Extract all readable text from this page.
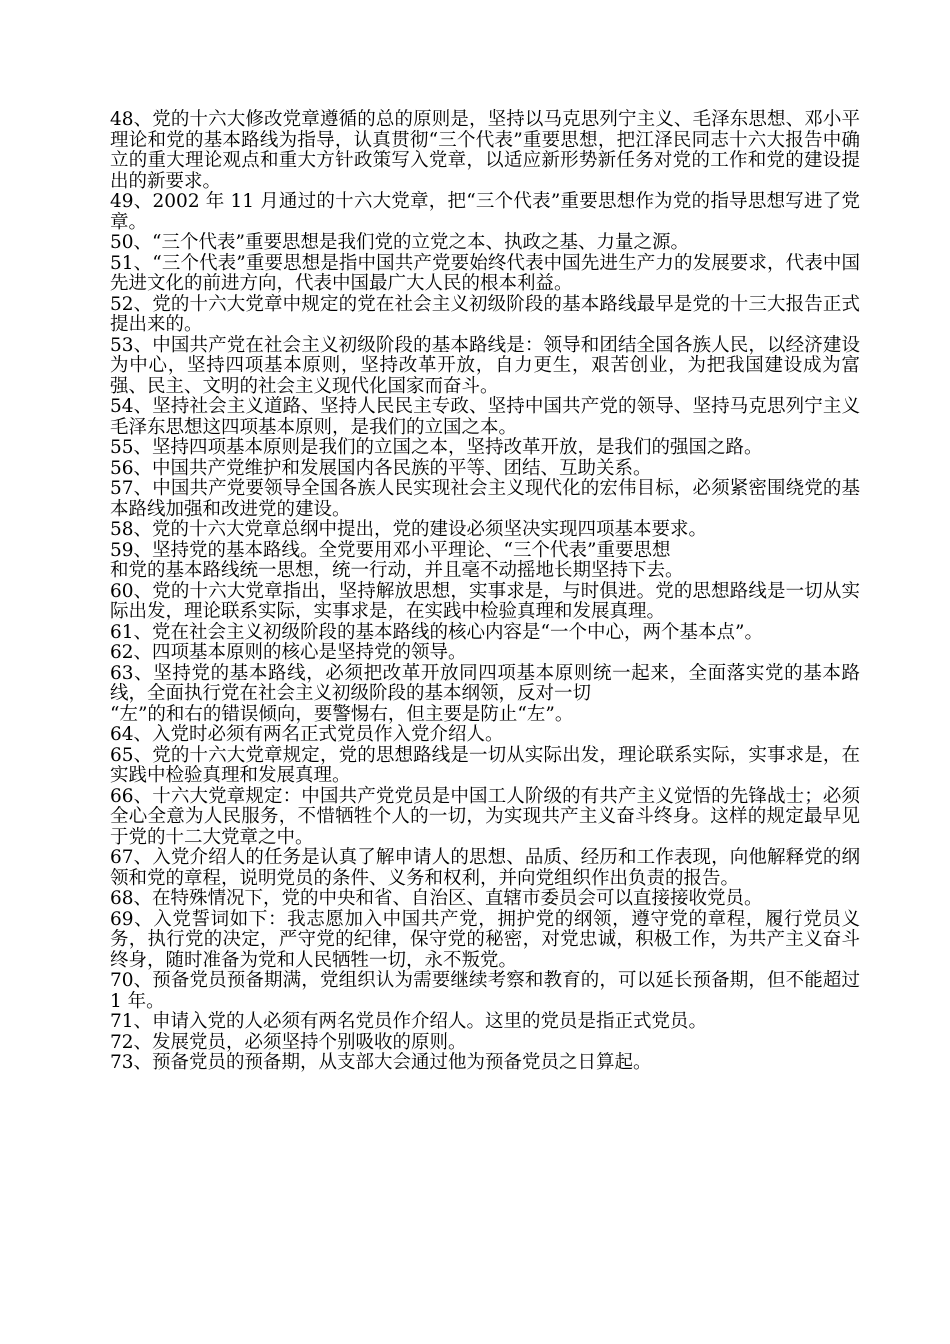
48、党的十六大修改党章遵循的总的原则是，坚持以马克思列宁主义、毛泽东思想、邓小平理论和党的基本路线为指导，认真贯彻“三个代表”重要思想，把江泽民同志十六大报告中确立的重大理论观点和重大方针政策写入党章，以适应新形势新任务对党的工作和党的建设提出的新要求。

49、2002 年 11 月通过的十六大党章，把“三个代表”重要思想作为党的指导思想写进了党章。

50、“三个代表”重要思想是我们党的立党之本、执政之基、力量之源。

51、“三个代表”重要思想是指中国共产党要始终代表中国先进生产力的发展要求，代表中国先进文化的前进方向，代表中国最广大人民的根本利益。

52、党的十六大党章中规定的党在社会主义初级阶段的基本路线最早是党的十三大报告正式提出来的。

53、中国共产党在社会主义初级阶段的基本路线是：领导和团结全国各族人民，以经济建设为中心，坚持四项基本原则，坚持改革开放，自力更生，艰苦创业，为把我国建设成为富强、民主、文明的社会主义现代化国家而奋斗。

54、坚持社会主义道路、坚持人民民主专政、坚持中国共产党的领导、坚持马克思列宁主义毛泽东思想这四项基本原则，是我们的立国之本。

55、坚持四项基本原则是我们的立国之本，坚持改革开放，是我们的强国之路。

56、中国共产党维护和发展国内各民族的平等、团结、互助关系。

57、中国共产党要领导全国各族人民实现社会主义现代化的宏伟目标，必须紧密围绕党的基本路线加强和改进党的建设。

58、党的十六大党章总纲中提出，党的建设必须坚决实现四项基本要求。

59、坚持党的基本路线。全党要用邓小平理论、“三个代表”重要思想
和党的基本路线统一思想，统一行动，并且毫不动摇地长期坚持下去。

60、党的十六大党章指出，坚持解放思想，实事求是，与时俱进。党的思想路线是一切从实际出发，理论联系实际，实事求是，在实践中检验真理和发展真理。

61、党在社会主义初级阶段的基本路线的核心内容是“一个中心，两个基本点”。

62、四项基本原则的核心是坚持党的领导。

63、坚持党的基本路线，必须把改革开放同四项基本原则统一起来，全面落实党的基本路线，全面执行党在社会主义初级阶段的基本纲领，反对一切
“左”的和右的错误倾向，要警惕右，但主要是防止“左”。

64、入党时必须有两名正式党员作入党介绍人。

65、党的十六大党章规定，党的思想路线是一切从实际出发，理论联系实际，实事求是，在实践中检验真理和发展真理。

66、十六大党章规定：中国共产党党员是中国工人阶级的有共产主义觉悟的先锋战士；必须全心全意为人民服务，不惜牺牲个人的一切，为实现共产主义奋斗终身。这样的规定最早见于党的十二大党章之中。

67、入党介绍人的任务是认真了解申请人的思想、品质、经历和工作表现，向他解释党的纲领和党的章程，说明党员的条件、义务和权利，并向党组织作出负责的报告。

68、在特殊情况下，党的中央和省、自治区、直辖市委员会可以直接接收党员。

69、入党誓词如下：我志愿加入中国共产党，拥护党的纲领，遵守党的章程，履行党员义务，执行党的决定，严守党的纪律，保守党的秘密，对党忠诚，积极工作，为共产主义奋斗终身，随时准备为党和人民牺牲一切，永不叛党。

70、预备党员预备期满，党组织认为需要继续考察和教育的，可以延长预备期，但不能超过 1 年。

71、申请入党的人必须有两名党员作介绍人。这里的党员是指正式党员。

72、发展党员，必须坚持个别吸收的原则。

73、预备党员的预备期，从支部大会通过他为预备党员之日算起。
